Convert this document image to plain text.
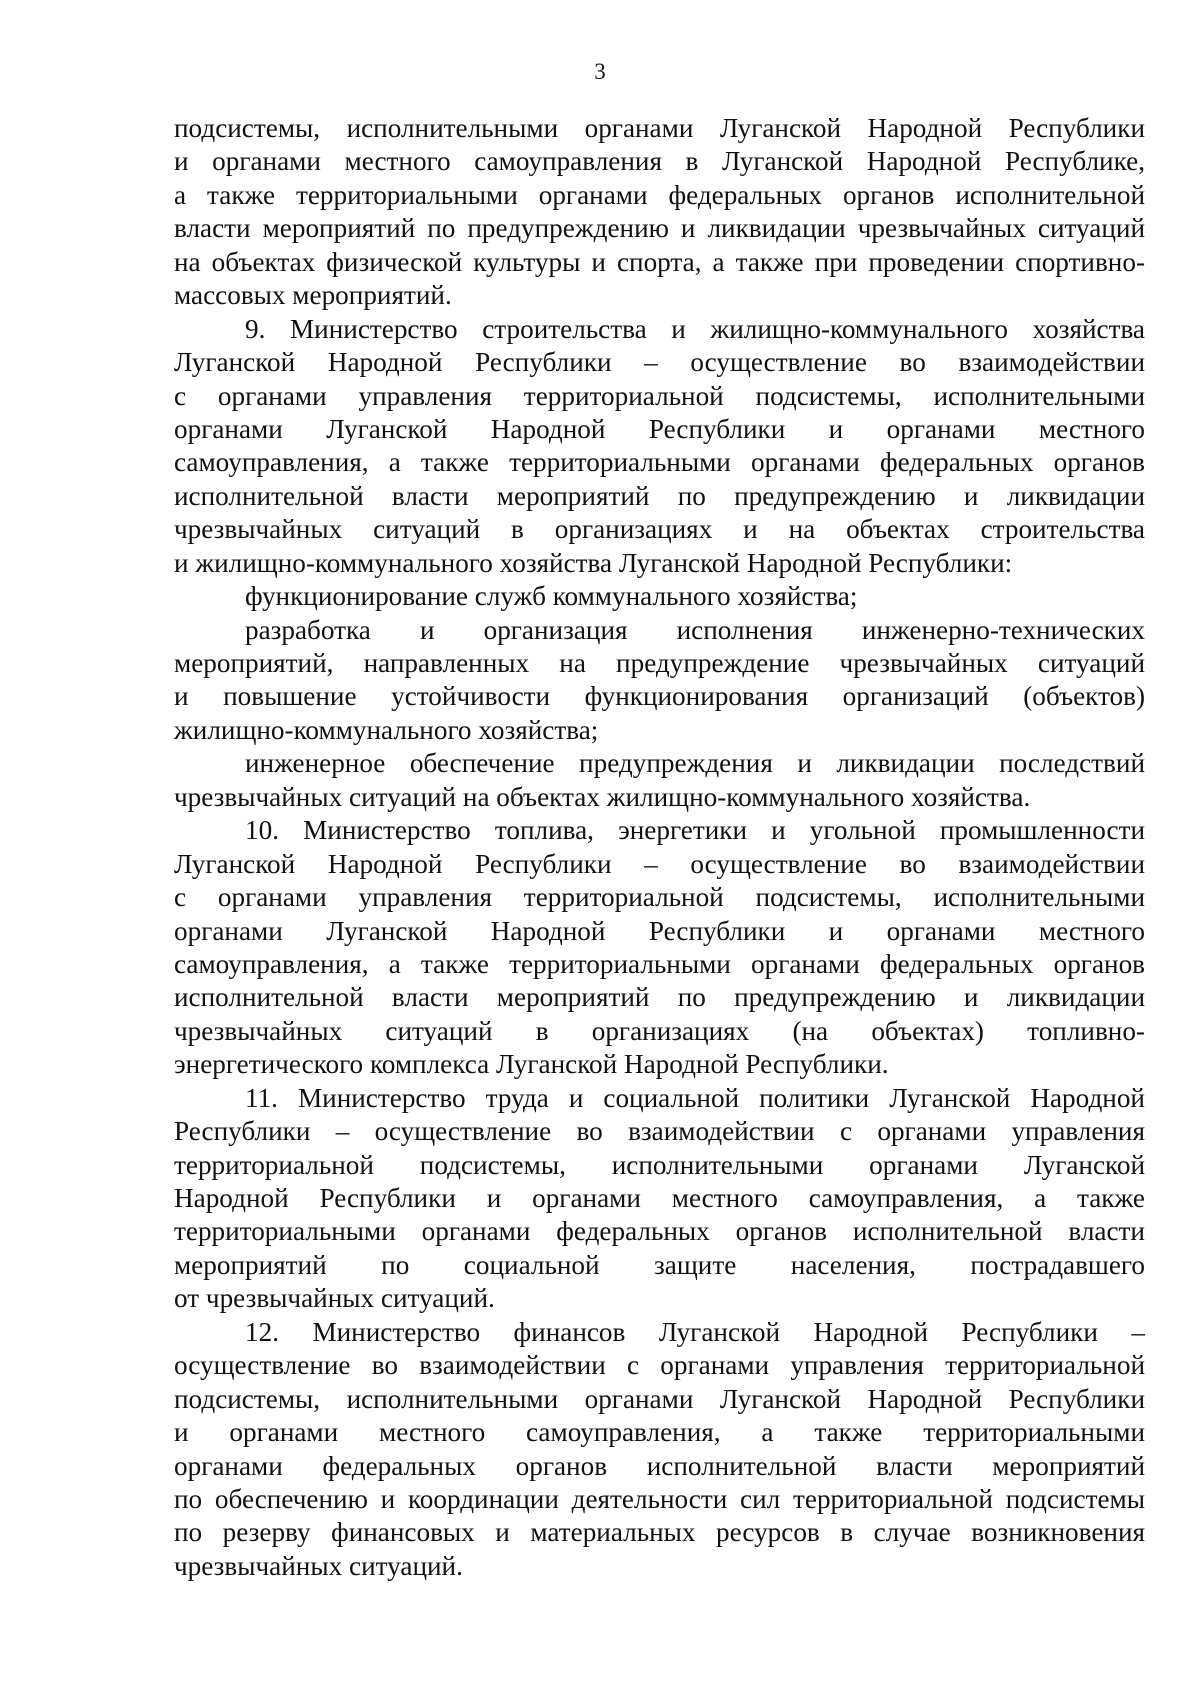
3
подсистемы, исполнительными органами Луганской Народной Республики
и органами местного самоуправления в Луганской Народной Республике,
а также территориальными органами федеральных органов исполнительной
власти мероприятий по предупреждению и ликвидации чрезвычайных ситуаций
на объектах физической культуры и спорта, а также при проведении спортивно-
массовых мероприятий.
9. Министерство строительства и жилищно-коммунального хозяйства
Луганской Народной Республики – осуществление во взаимодействии
с органами управления территориальной подсистемы, исполнительными
органами Луганской Народной Республики и органами местного
самоуправления, а также территориальными органами федеральных органов
исполнительной власти мероприятий по предупреждению и ликвидации
чрезвычайных ситуаций в организациях и на объектах строительства
и жилищно-коммунального хозяйства Луганской Народной Республики:
функционирование служб коммунального хозяйства;
разработка и организация исполнения инженерно-технических
мероприятий, направленных на предупреждение чрезвычайных ситуаций
и повышение устойчивости функционирования организаций (объектов)
жилищно-коммунального хозяйства;
инженерное обеспечение предупреждения и ликвидации последствий
чрезвычайных ситуаций на объектах жилищно-коммунального хозяйства.
10. Министерство топлива, энергетики и угольной промышленности
Луганской Народной Республики – осуществление во взаимодействии
с органами управления территориальной подсистемы, исполнительными
органами Луганской Народной Республики и органами местного
самоуправления, а также территориальными органами федеральных органов
исполнительной власти мероприятий по предупреждению и ликвидации
чрезвычайных ситуаций в организациях (на объектах) топливно-
энергетического комплекса Луганской Народной Республики.
11. Министерство труда и социальной политики Луганской Народной
Республики – осуществление во взаимодействии с органами управления
территориальной подсистемы, исполнительными органами Луганской
Народной Республики и органами местного самоуправления, а также
территориальными органами федеральных органов исполнительной власти
мероприятий по социальной защите населения, пострадавшего
от чрезвычайных ситуаций.
12. Министерство финансов Луганской Народной Республики –
осуществление во взаимодействии с органами управления территориальной
подсистемы, исполнительными органами Луганской Народной Республики
и органами местного самоуправления, а также территориальными
органами федеральных органов исполнительной власти мероприятий
по обеспечению и координации деятельности сил территориальной подсистемы
по резерву финансовых и материальных ресурсов в случае возникновения
чрезвычайных ситуаций.
